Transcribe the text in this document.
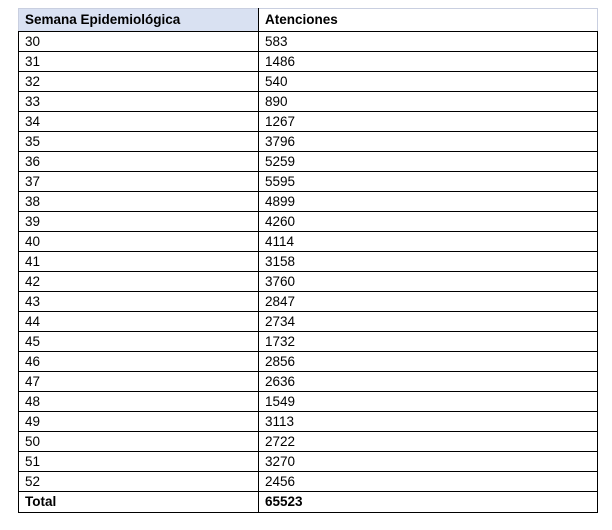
Semana Epidemiológica	Atenciones

30	583
31	1486
32	540
33	890
34	1267
35	3796
36	5259
37	5595
38	4899
39	4260
40	4114
41	3158
42	3760
43	2847
44	2734
45	1732
46	2856
47	2636
48	1549
49	3113
50	2722
51	3270
52	2456
Total	65523
